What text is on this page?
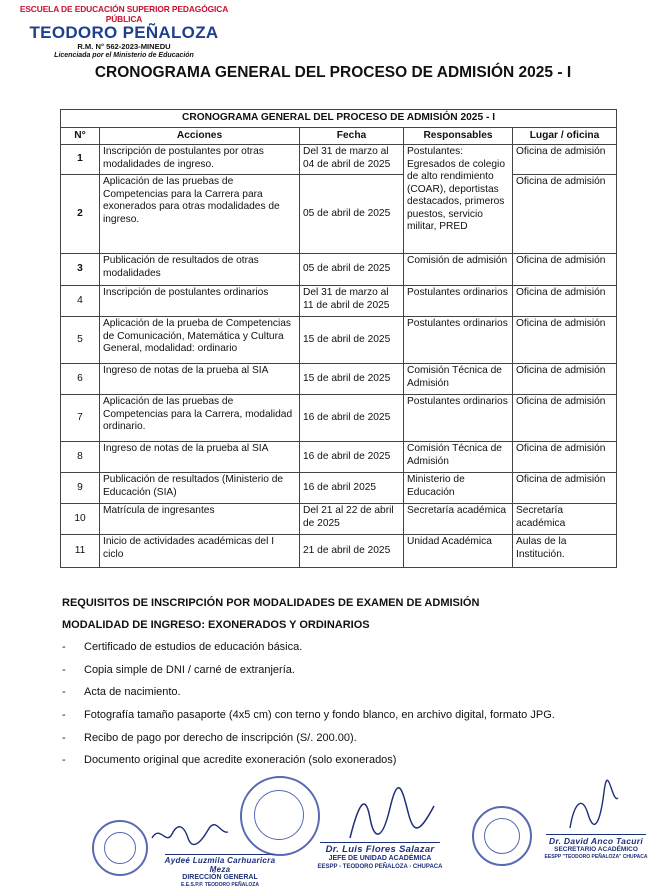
ESCUELA DE EDUCACIÓN SUPERIOR PEDAGÓGICA PÚBLICA
TEODORO PEÑALOZA
R.M. N° 562-2023-MINEDU
Licenciada por el Ministerio de Educación
CRONOGRAMA GENERAL DEL PROCESO DE ADMISIÓN 2025 - I
CRONOGRAMA GENERAL DEL PROCESO DE ADMISIÓN 2025 - I				
N°	Acciones	Fecha	Responsables	Lugar / oficina
1	Inscripción de postulantes por otras modalidades de ingreso.	Del 31 de marzo al 04 de abril de 2025	Postulantes: Egresados de colegio de alto rendimiento (COAR), deportistas destacados, primeros puestos, servicio militar, PRED	Oficina de admisión
2	Aplicación de las pruebas de Competencias para la Carrera para exonerados para otras modalidades de ingreso.	05 de abril de 2025		Oficina de admisión
3	Publicación de resultados de otras modalidades	05 de abril de 2025	Comisión de admisión	Oficina de admisión
4	Inscripción de postulantes ordinarios	Del 31 de marzo al 11 de abril de 2025	Postulantes ordinarios	Oficina de admisión
5	Aplicación de la prueba de Competencias de Comunicación, Matemática y Cultura General, modalidad: ordinario	15 de abril de 2025	Postulantes ordinarios	Oficina de admisión
6	Ingreso de notas de la prueba al SIA	15 de abril de 2025	Comisión Técnica de Admisión	Oficina de admisión
7	Aplicación de las pruebas de Competencias para la Carrera, modalidad ordinario.	16 de abril de 2025	Postulantes ordinarios	Oficina de admisión
8	Ingreso de notas de la prueba al SIA	16 de abril de 2025	Comisión Técnica de Admisión	Oficina de admisión
9	Publicación de resultados (Ministerio de Educación (SIA)	16 de abril 2025	Ministerio de Educación	Oficina de admisión
10	Matrícula de ingresantes	Del 21 al 22 de abril de 2025	Secretaría académica	Secretaría académica
11	Inicio de actividades académicas del I ciclo	21 de abril de 2025	Unidad Académica	Aulas de la Institución.
REQUISITOS DE INSCRIPCIÓN POR MODALIDADES DE EXAMEN DE ADMISIÓN
MODALIDAD DE INGRESO: EXONERADOS Y ORDINARIOS
- Certificado de estudios de educación básica.
- Copia simple de DNI / carné de extranjería.
- Acta de nacimiento.
- Fotografía tamaño pasaporte (4x5 cm) con terno y fondo blanco, en archivo digital, formato JPG.
- Recibo de pago por derecho de inscripción (S/. 200.00).
- Documento original que acredite exoneración (solo exonerados)
Aydeé Luzmila Carhuaricra Meza
DIRECCIÓN GENERAL
E.E.S.P.P. TEODORO PEÑALOZA
Dr. Luis Flores Salazar
JEFE DE UNIDAD ACADÉMICA
EESPP - TEODORO PEÑALOZA - CHUPACA
Dr. David Anco Tacuri
SECRETARIO ACADÉMICO
EESPP "TEODORO PEÑALOZA" CHUPACA
